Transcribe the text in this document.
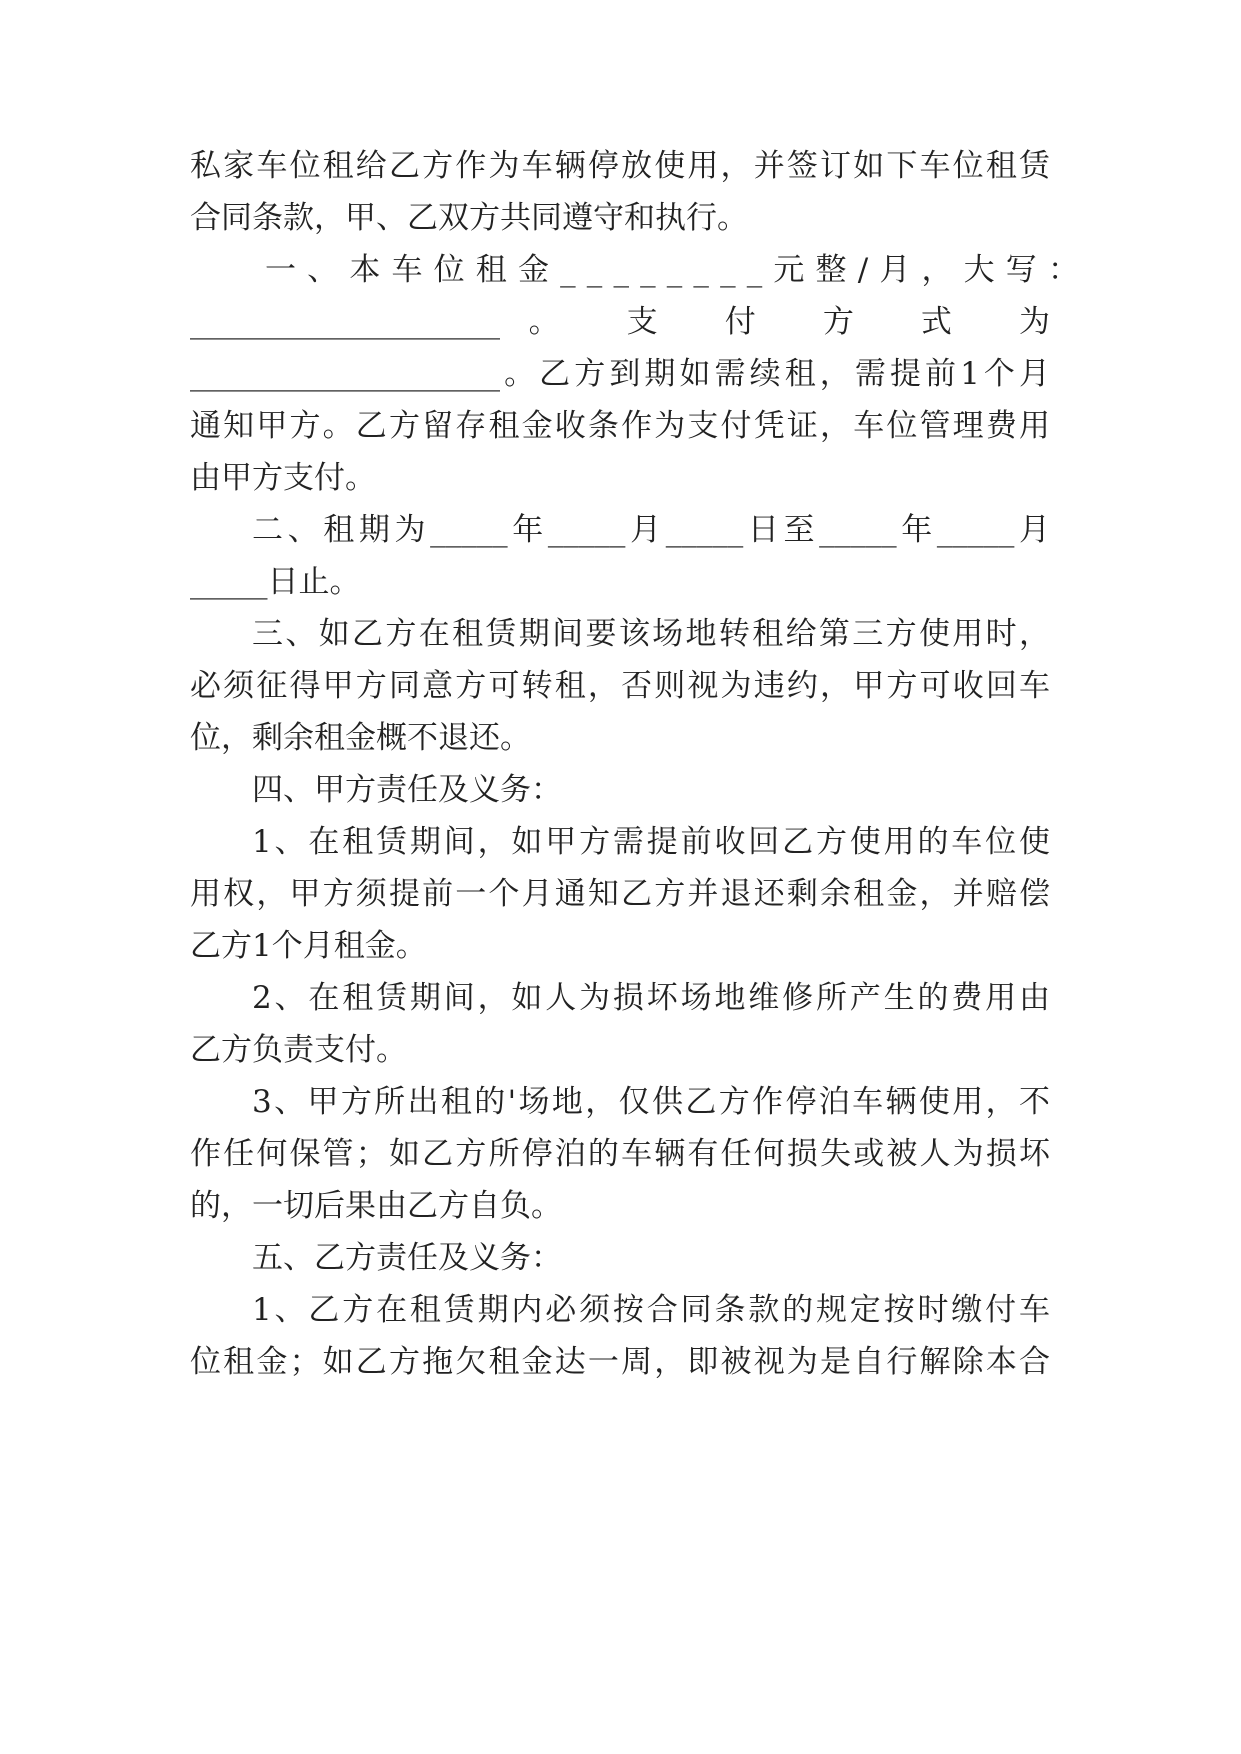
私家车位租给乙方作为车辆停放使用，并签订如下车位租赁
合同条款，甲、乙双方共同遵守和执行。
一、本车位租金________元整/月，大写：
____________________。 支 付 方 式 为
____________________。乙方到期如需续租，需提前1个月
通知甲方。乙方留存租金收条作为支付凭证，车位管理费用
由甲方支付。
二、租期为_____年_____月_____日至_____年_____月
_____日止。
三、如乙方在租赁期间要该场地转租给第三方使用时，
必须征得甲方同意方可转租，否则视为违约，甲方可收回车
位，剩余租金概不退还。
四、甲方责任及义务：
1、在租赁期间，如甲方需提前收回乙方使用的车位使
用权，甲方须提前一个月通知乙方并退还剩余租金，并赔偿
乙方1个月租金。
2、在租赁期间，如人为损坏场地维修所产生的费用由
乙方负责支付。
3、甲方所出租的'场地，仅供乙方作停泊车辆使用，不
作任何保管；如乙方所停泊的车辆有任何损失或被人为损坏
的，一切后果由乙方自负。
五、乙方责任及义务：
1、乙方在租赁期内必须按合同条款的规定按时缴付车
位租金；如乙方拖欠租金达一周，即被视为是自行解除本合
